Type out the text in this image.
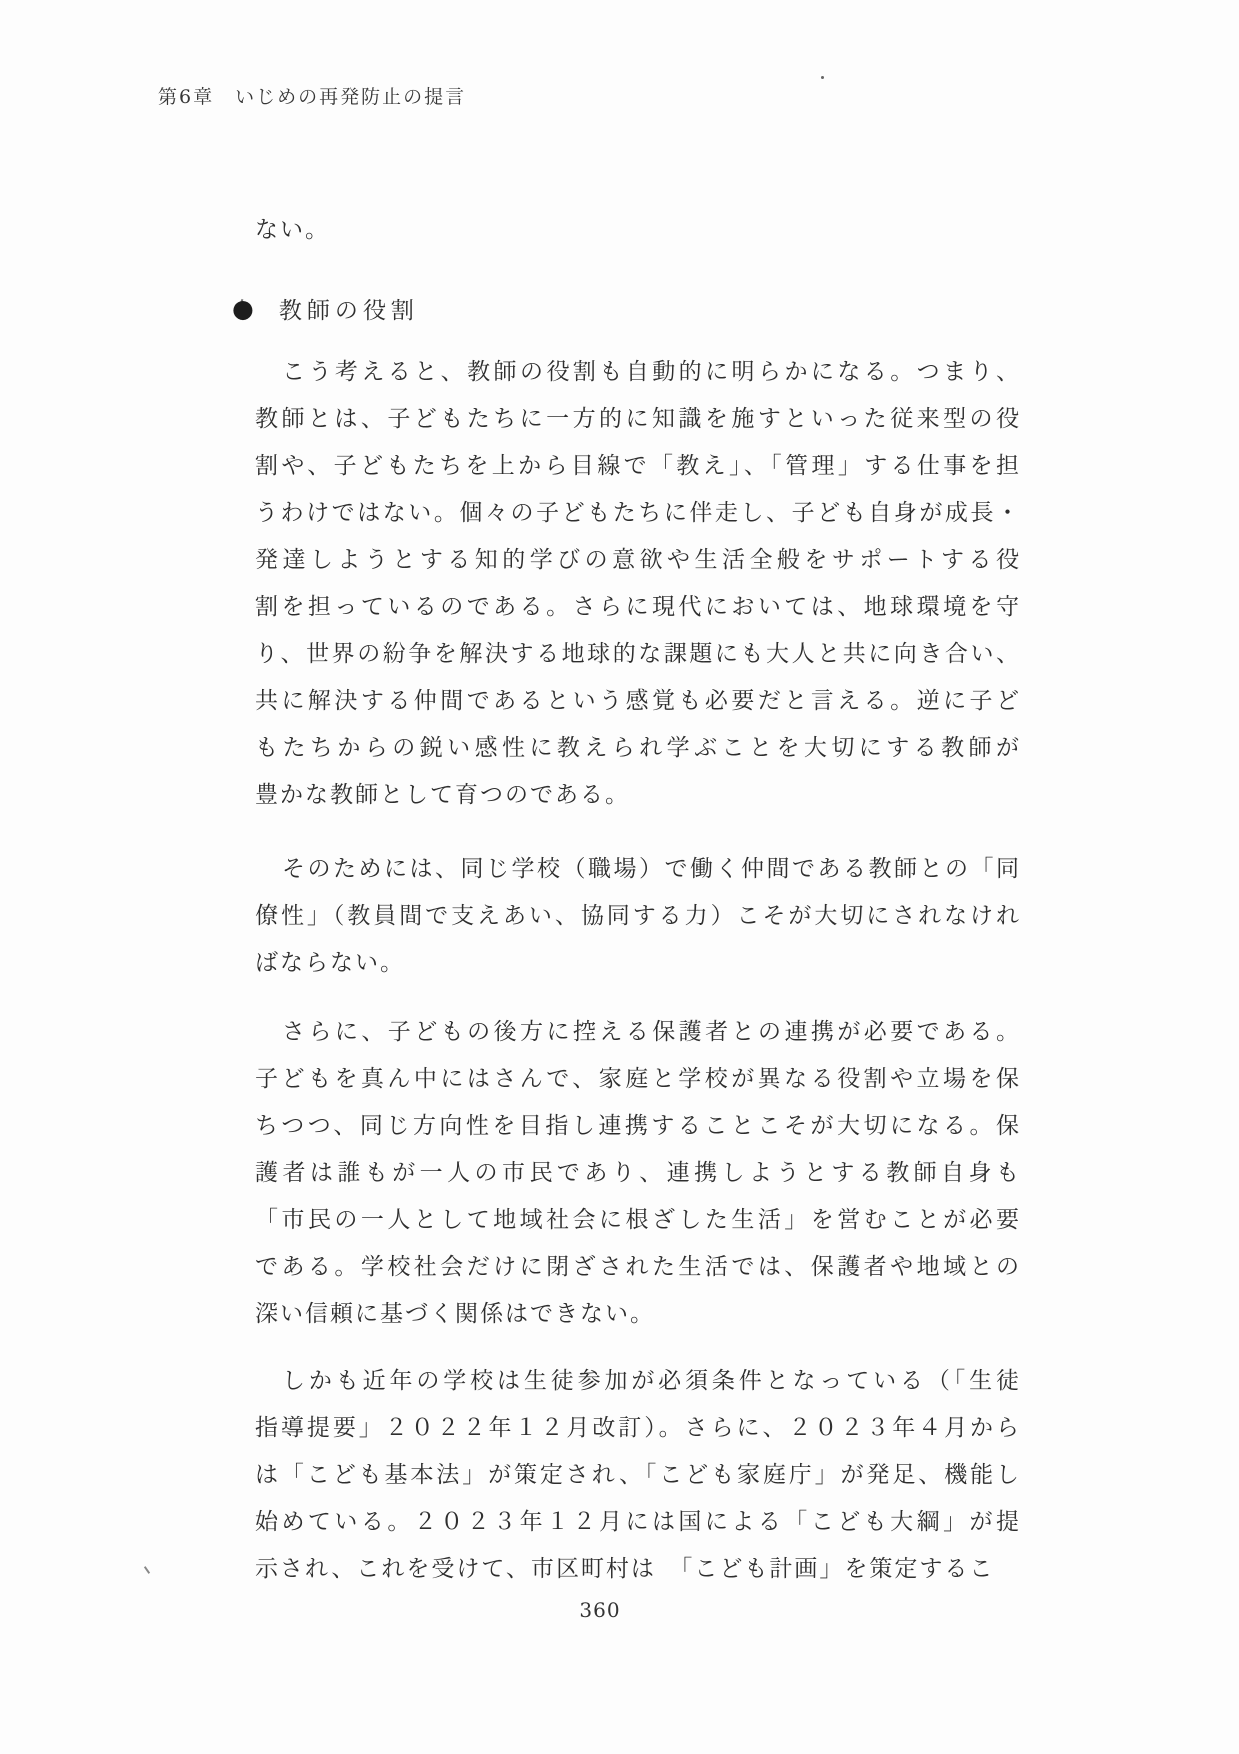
第6章　いじめの再発防止の提言
ない。
● 教師の役割
こう考えると、教師の役割も自動的に明らかになる。つまり、
教師とは、子どもたちに一方的に知識を施すといった従来型の役
割や、子どもたちを上から目線で「教え」、「管理」する仕事を担
うわけではない。個々の子どもたちに伴走し、子ども自身が成長・
発達しようとする知的学びの意欲や生活全般をサポートする役
割を担っているのである。さらに現代においては、地球環境を守
り、世界の紛争を解決する地球的な課題にも大人と共に向き合い、
共に解決する仲間であるという感覚も必要だと言える。逆に子ど
もたちからの鋭い感性に教えられ学ぶことを大切にする教師が
豊かな教師として育つのである。
そのためには、同じ学校（職場）で働く仲間である教師との「同
僚性」（教員間で支えあい、協同する力）こそが大切にされなけれ
ばならない。
さらに、子どもの後方に控える保護者との連携が必要である。
子どもを真ん中にはさんで、家庭と学校が異なる役割や立場を保
ちつつ、同じ方向性を目指し連携することこそが大切になる。保
護者は誰もが一人の市民であり、連携しようとする教師自身も
「市民の一人として地域社会に根ざした生活」を営むことが必要
である。学校社会だけに閉ざされた生活では、保護者や地域との
深い信頼に基づく関係はできない。
しかも近年の学校は生徒参加が必須条件となっている（「生徒
指導提要」２０２２年１２月改訂）。さらに、２０２３年４月から
は「こども基本法」が策定され、「こども家庭庁」が発足、機能し
始めている。２０２３年１２月には国による「こども大綱」が提
示され、これを受けて、市区町村は　「こども計画」を策定するこ
360
